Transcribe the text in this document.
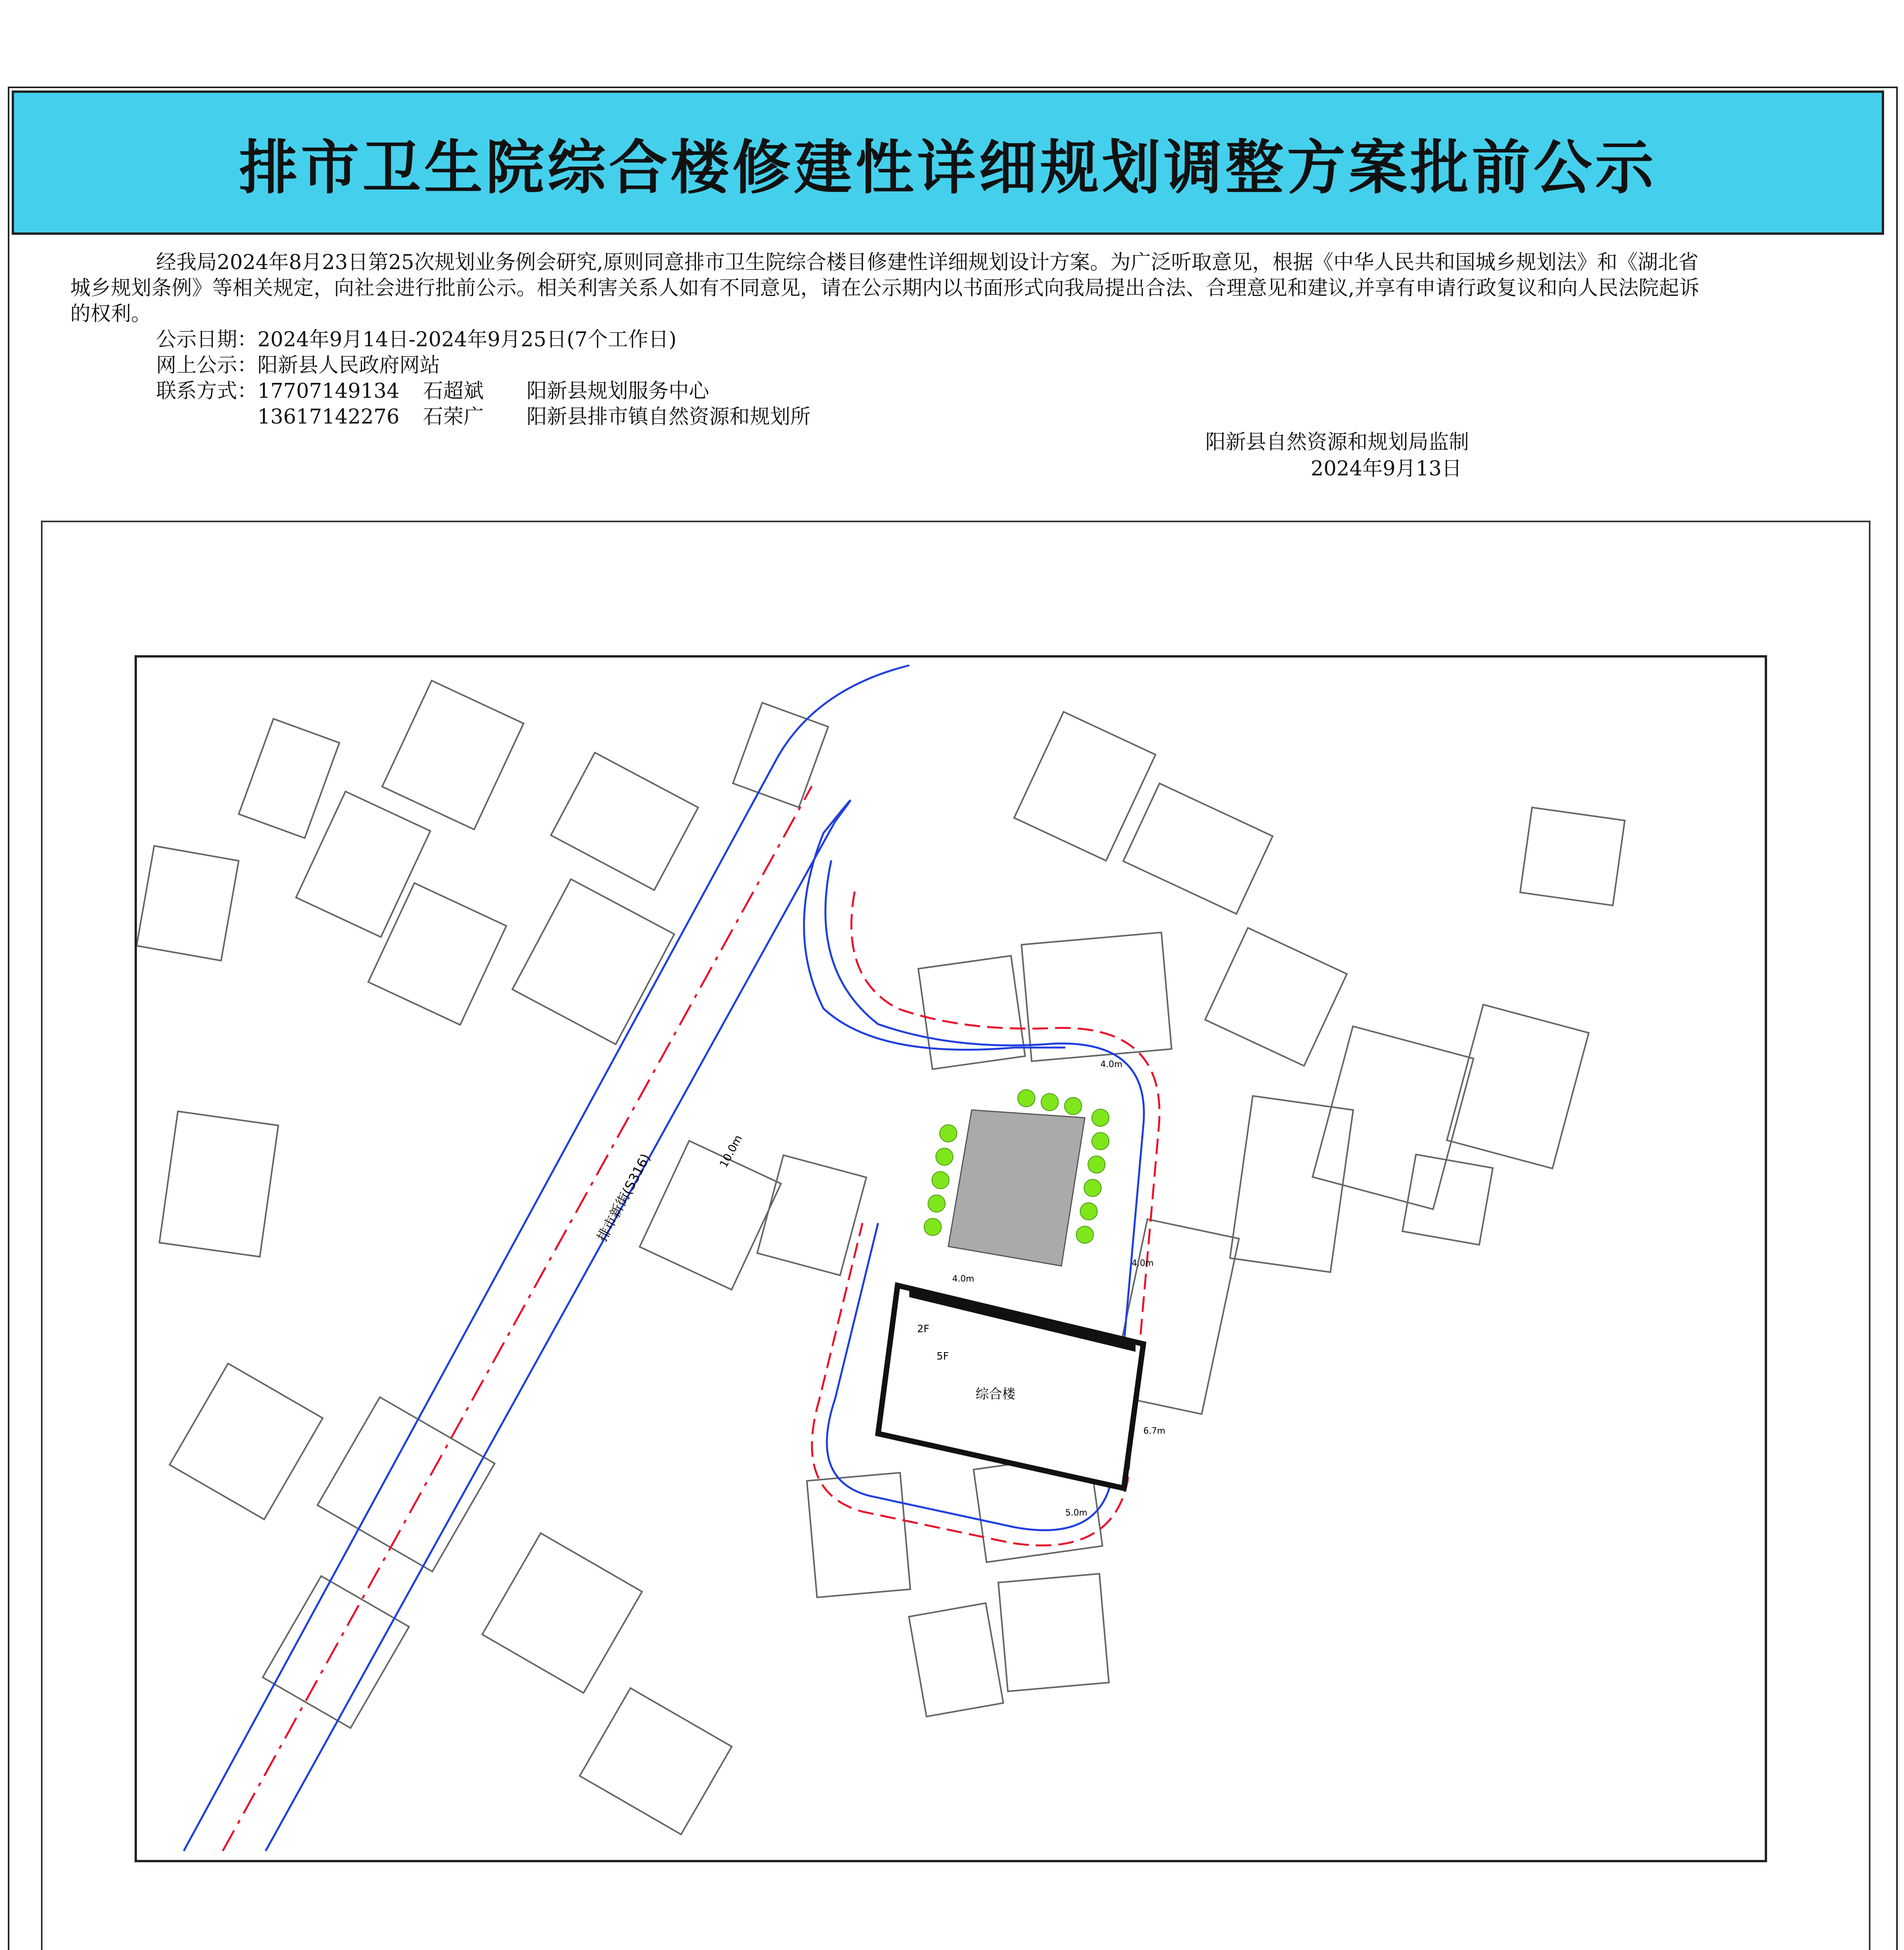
排市卫生院综合楼修建性详细规划调整方案批前公示

经我局2024年8月23日第25次规划业务例会研究,原则同意排市卫生院综合楼目修建性详细规划设计方案。为广泛听取意见，根据《中华人民共和国城乡规划法》和《湖北省城乡规划条例》等相关规定，向社会进行批前公示。相关利害关系人如有不同意见，请在公示期内以书面形式向我局提出合法、合理意见和建议,并享有申请行政复议和向人民法院起诉的权利。

公示日期：2024年9月14日-2024年9月25日(7个工作日)

网上公示：阳新县人民政府网站

联系方式： 17707149134 石超斌 阳新县规划服务中心
13617142276 石荣广 阳新县排市镇自然资源和规划所
阳新县自然资源和规划局监制
2024年9月13日
综合楼
2F
5F
排市新街(S316)	10.0m
4.0m
4.0m
6.7m
5.0m
4.0m
